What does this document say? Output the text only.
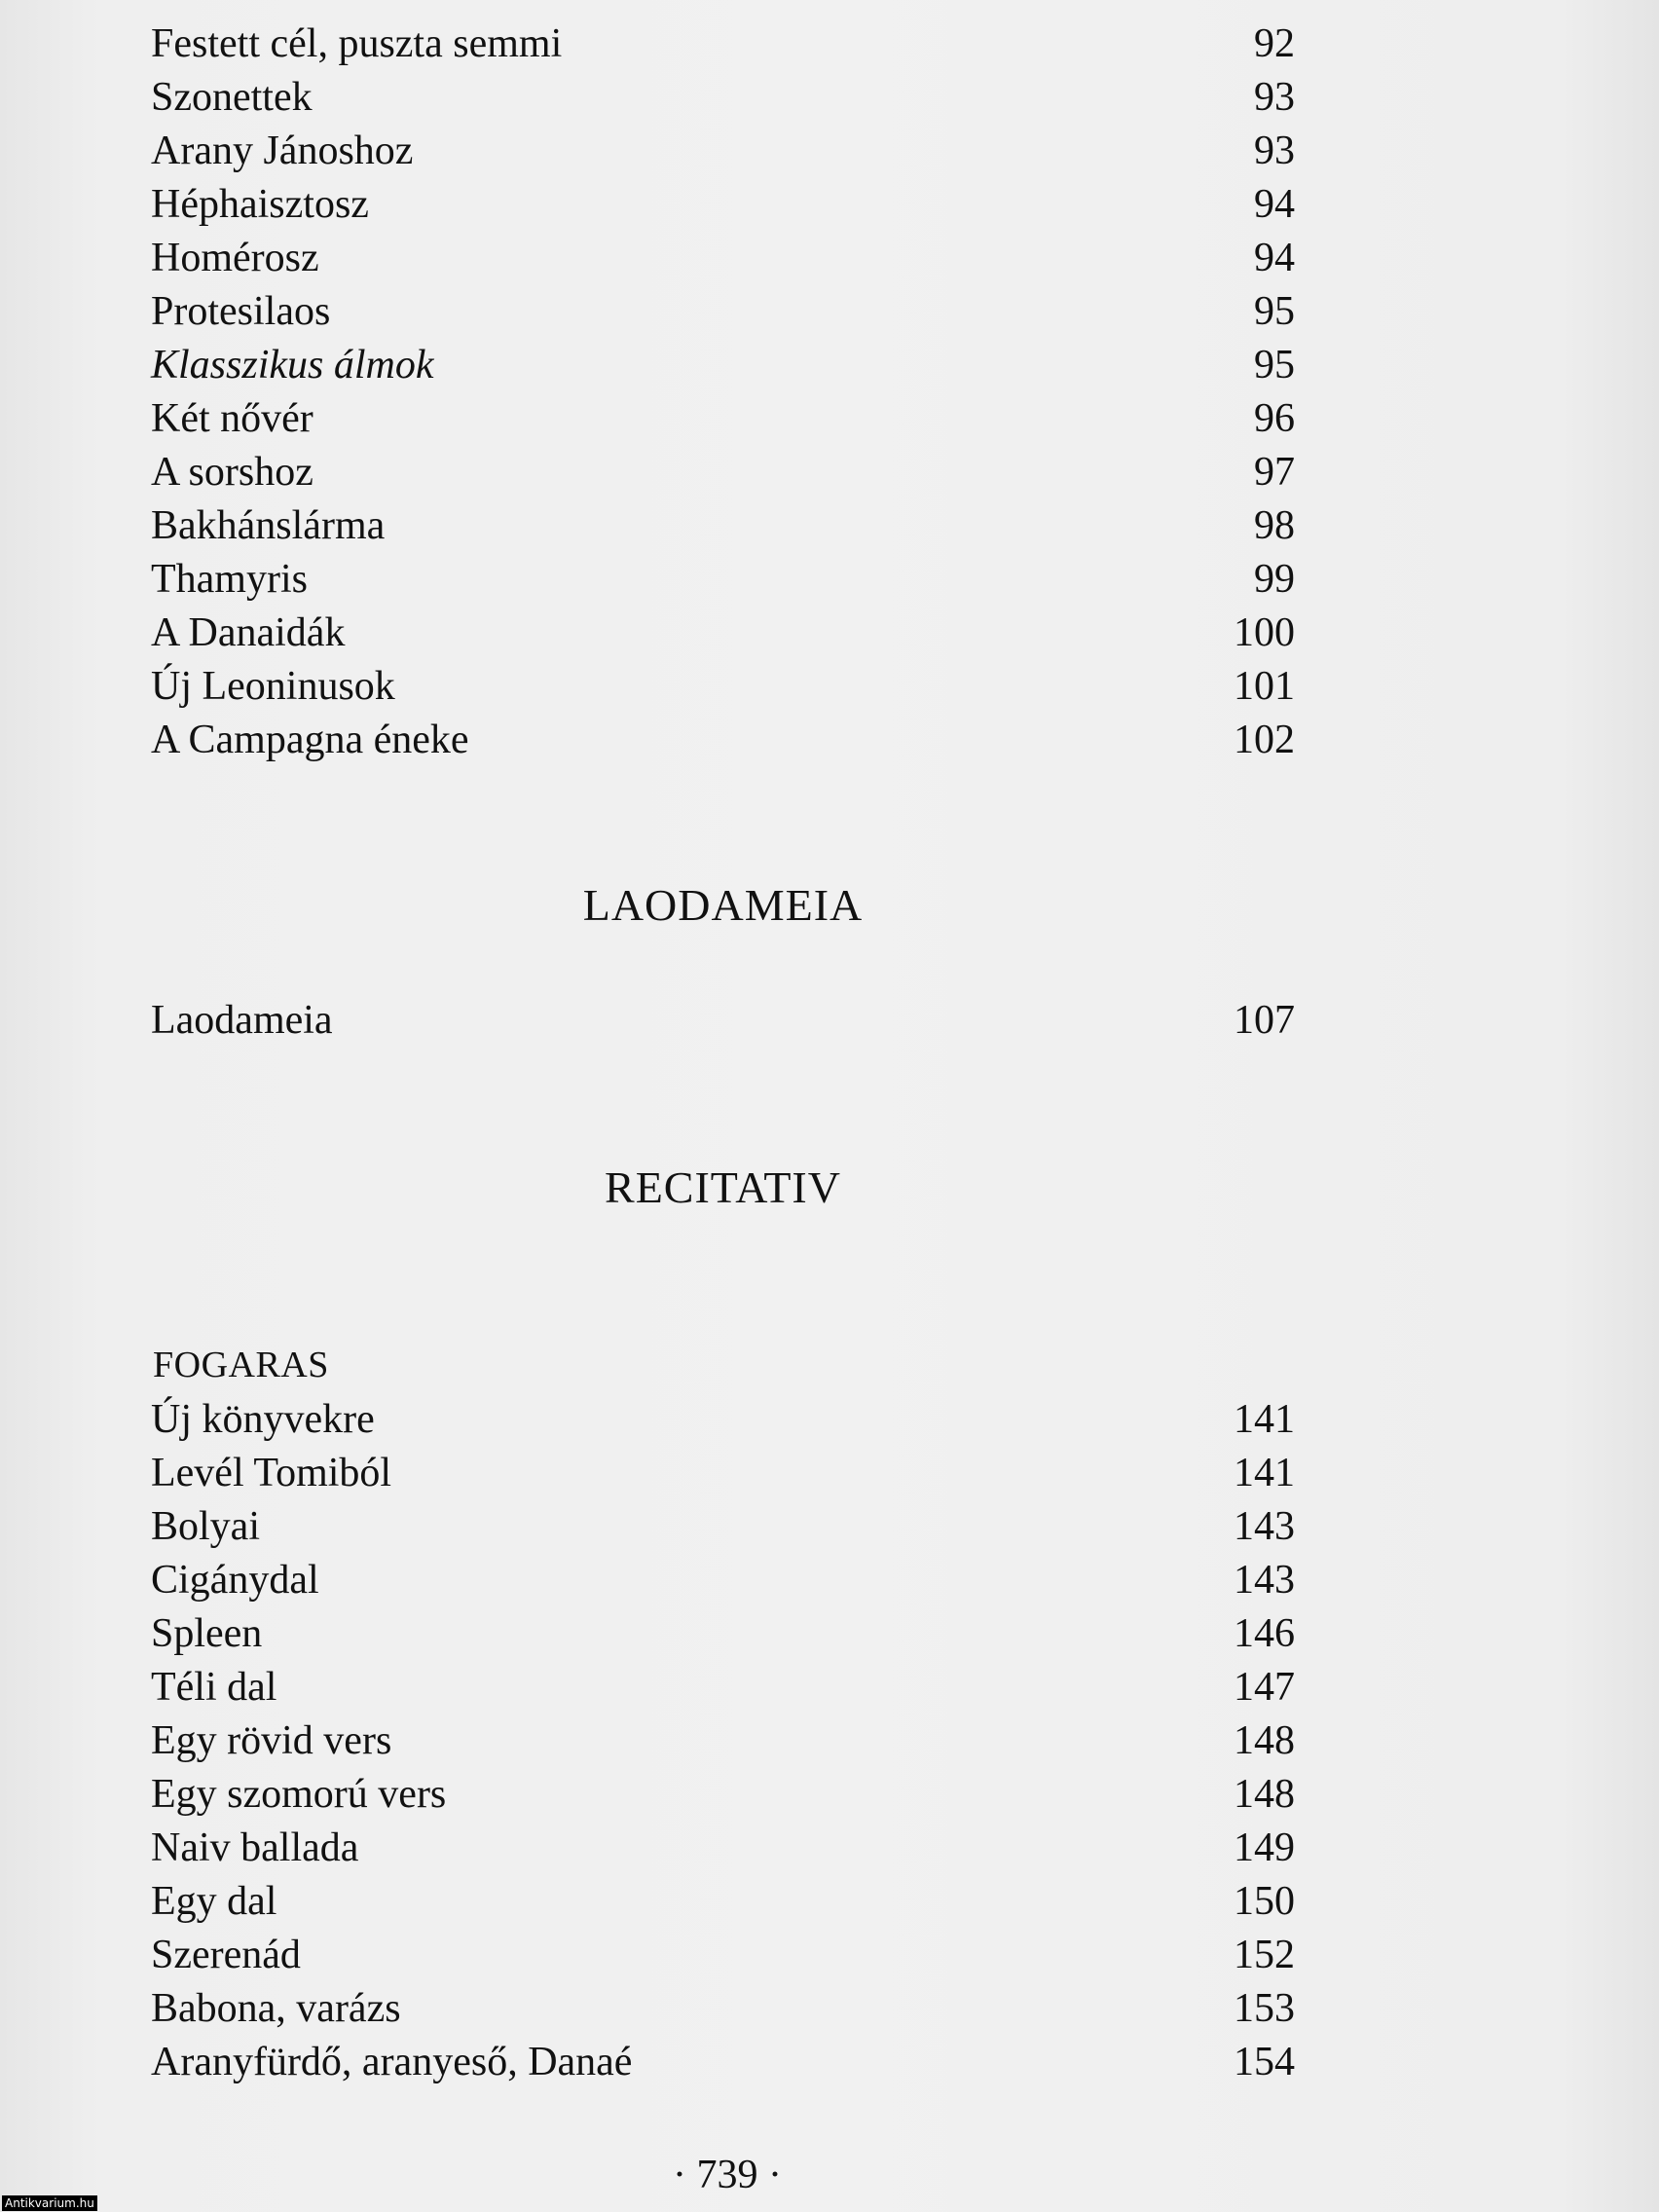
Festett cél, puszta semmi	92
Szonettek	93
Arany Jánoshoz	93
Héphaisztosz	94
Homérosz	94
Protesilaos	95
Klasszikus álmok	95
Két nővér	96
A sorshoz	97
Bakhánslárma	98
Thamyris	99
A Danaidák	100
Új Leoninusok	101
A Campagna éneke	102
LAODAMEIA
Laodameia	107
RECITATIV
FOGARAS
Új könyvekre	141
Levél Tomiból	141
Bolyai	143
Cigánydal	143
Spleen	146
Téli dal	147
Egy rövid vers	148
Egy szomorú vers	148
Naiv ballada	149
Egy dal	150
Szerenád	152
Babona, varázs	153
Aranyfürdő, aranyeső, Danaé	154
· 739 ·
Antikvarium.hu
